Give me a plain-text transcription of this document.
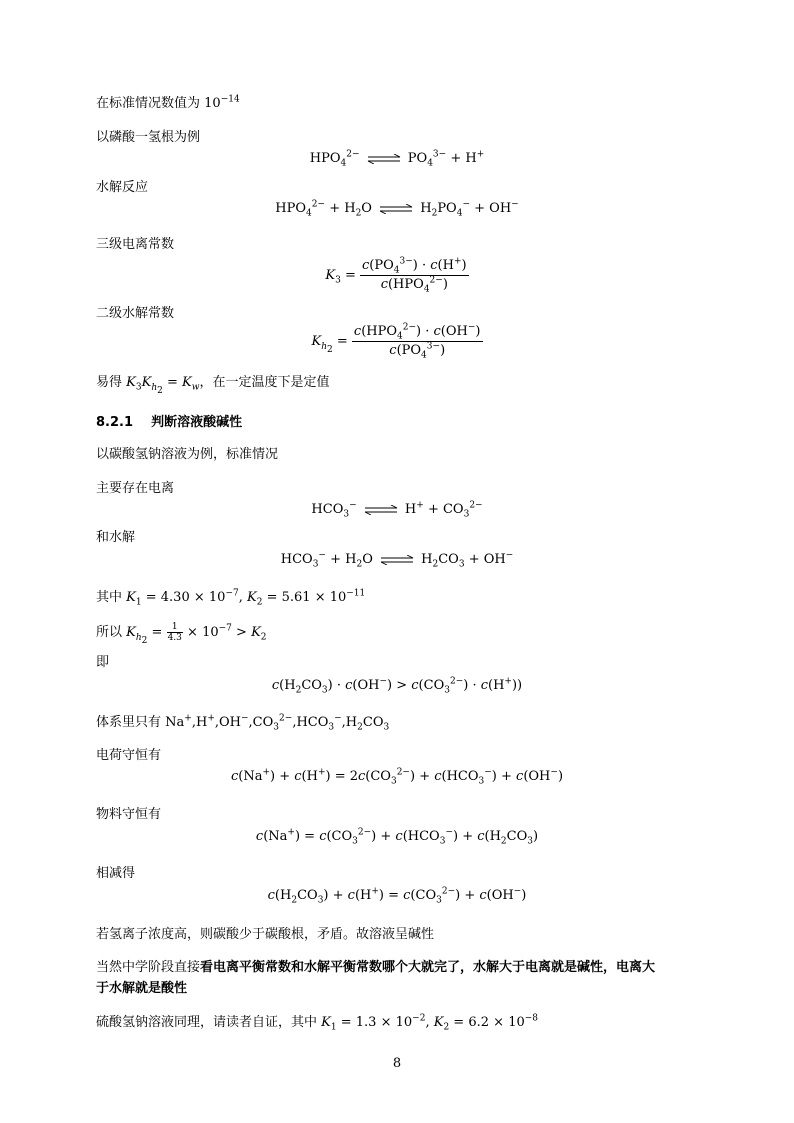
在标准情况数值为 $10^{-14}$
以磷酸一氢根为例
$HPO_4^{2-}$ ⇌ $PO_4^{3-} + H^+$
水解反应
$HPO_4^{2-} + H_2O$ ⇌ $H_2PO_4^- + OH^-$
三级电离常数
$K_3 = \frac{c(PO_4^{3-}) \cdot c(H^+)}{c(HPO_4^{2-})}$
二级水解常数
$K_{h_2} = \frac{c(HPO_4^{2-}) \cdot c(OH^-)}{c(PO_4^{3-})}$
易得 $K_3K_{h_2} = K_w$，在一定温度下是定值
8.2.1 判断溶液酸碱性
以碳酸氢钠溶液为例，标准情况
主要存在电离
$HCO_3^-$ ⇌ $H^+ + CO_3^{2-}$
和水解
$HCO_3^- + H_2O$ ⇌ $H_2CO_3 + OH^-$
其中 $K_1 = 4.30 \times 10^{-7}$, $K_2 = 5.61 \times 10^{-11}$
所以 $K_{h_2} = \frac{1}{4.3} \times 10^{-7} > K_2$
即
$c(H_2CO_3) \cdot c(OH^-) > c(CO_3^{2-}) \cdot c(H^+)$)
体系里只有 $Na^+,H^+,OH^-,CO_3^{2-},HCO_3^-,H_2CO_3$
电荷守恒有
$c(Na^+) + c(H^+) = 2c(CO_3^{2-}) + c(HCO_3^-) + c(OH^-)$
物料守恒有
$c(Na^+) = c(CO_3^{2-}) + c(HCO_3^-) + c(H_2CO_3)$
相减得
$c(H_2CO_3) + c(H^+) = c(CO_3^{2-}) + c(OH^-)$
若氢离子浓度高，则碳酸少于碳酸根，矛盾。故溶液呈碱性
当然中学阶段直接看电离平衡常数和水解平衡常数哪个大就完了，水解大于电离就是碱性，电离大
于水解就是酸性
硫酸氢钠溶液同理，请读者自证，其中 $K_1 = 1.3 \times 10^{-2}$, $K_2 = 6.2 \times 10^{-8}$
8
